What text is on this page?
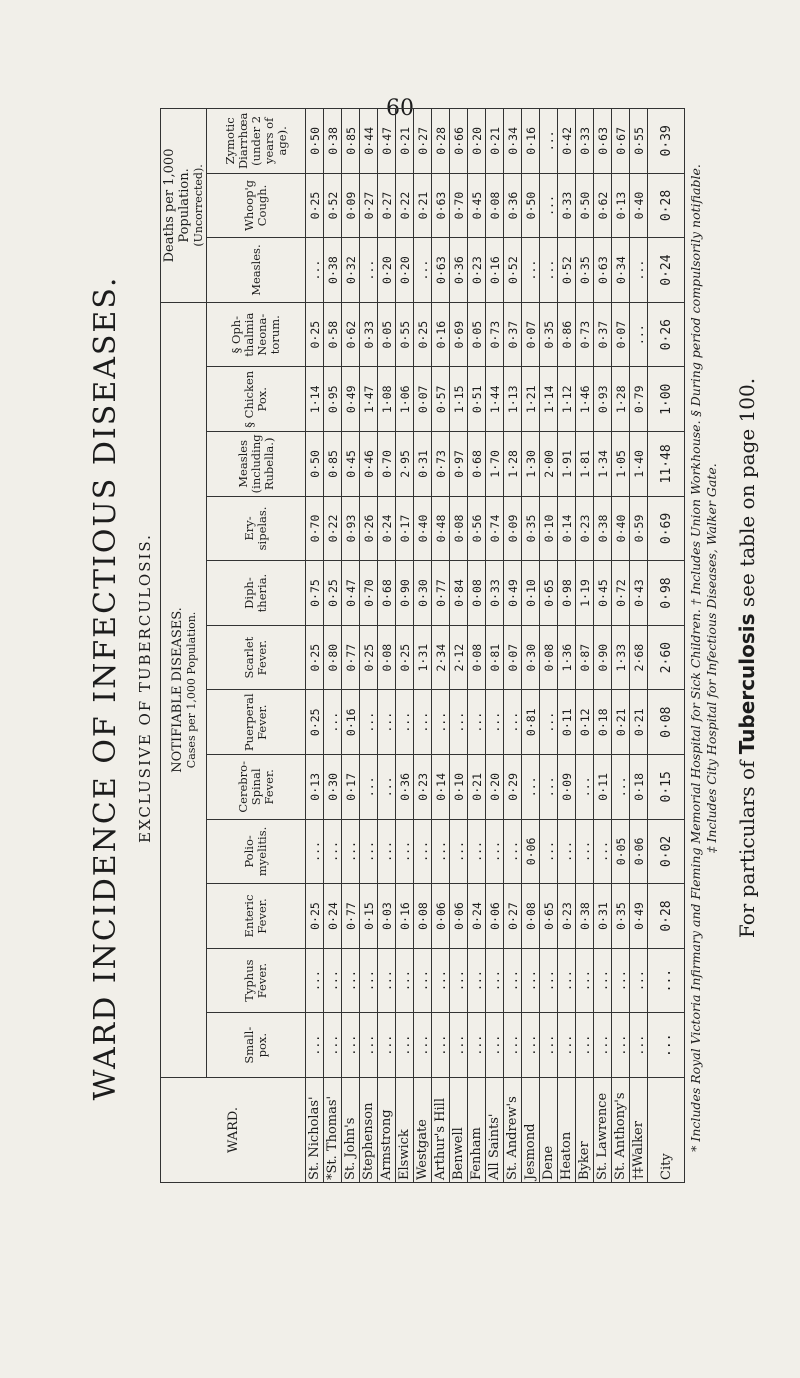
60
WARD INCIDENCE OF INFECTIOUS DISEASES. EXCLUSIVE OF TUBERCULOSIS.
WARD.	NOTIFIABLE DISEASES. Cases per 1,000 Population.												Deaths per 1,000 Population. (Uncorrected).		

	Small-pox.	Typhus Fever.	Enteric Fever.	Polio-myelitis.	Cerebro-Spinal Fever.	Puerperal Fever.	Scarlet Fever.	Diph-theria.	Ery-sipelas.	Measles (including Rubella.)	§ Chicken Pox.	§ Oph-thalmia Neona-torum.	Measles.	Whoop'g Cough.	Zymotic Diarrhœa (under 2 years of age).
St. Nicholas'	...	...	0·25	...	0·13	0·25	0·25	0·75	0·70	0·50	1·14	0·25	...	0·25	0·50
*St. Thomas'	...	...	0·24	...	0·30	...	0·80	0·25	0·22	0·85	0·95	0·58	0·38	0·52	0·38
St. John's	...	...	0·77	...	0·17	0·16	0·77	0·47	0·93	0·45	0·49	0·62	0·32	0·09	0·85
Stephenson	...	...	0·15	...	...	...	0·25	0·70	0·26	0·46	1·47	0·33	...	0·27	0·44
Armstrong	...	...	0·03	...	...	...	0·08	0·68	0·24	0·70	1·08	0·05	0·20	0·27	0·47
Elswick	...	...	0·16	...	0·36	...	0·25	0·90	0·17	2·95	1·06	0·55	0·20	0·22	0·21
Westgate	...	...	0·08	...	0·23	...	1·31	0·30	0·40	0·31	0·07	0·25	...	0·21	0·27
Arthur's Hill	...	...	0·06	...	0·14	...	2·34	0·77	0·48	0·73	0·57	0·16	0·63	0·63	0·28
Benwell	...	...	0·06	...	0·10	...	2·12	0·84	0·08	0·97	1·15	0·69	0·36	0·70	0·66
Fenham	...	...	0·24	...	0·21	...	0·08	0·08	0·56	0·68	0·51	0·05	0·23	0·45	0·20
All Saints'	...	...	0·06	...	0·20	...	0·81	0·33	0·74	1·70	1·44	0·73	0·16	0·08	0·21
St. Andrew's	...	...	0·27	...	0·29	...	0·07	0·49	0·09	1·28	1·13	0·37	0·52	0·36	0·34
Jesmond	...	...	0·08	0·06	...	0·81	0·30	0·10	0·35	1·30	1·21	0·07	...	0·50	0·16
Dene	...	...	0·65	...	...	...	0·08	0·65	0·10	2·00	1·14	0·35	...	...	...
Heaton	...	...	0·23	...	0·09	0·11	1·36	0·98	0·14	1·91	1·12	0·86	0·52	0·33	0·42
Byker	...	...	0·38	...	...	0·12	0·87	1·19	0·23	1·81	1·46	0·73	0·35	0·50	0·33
St. Lawrence	...	...	0·31	...	0·11	0·18	0·90	0·45	0·38	1·34	0·93	0·37	0·63	0·62	0·63
St. Anthony's	...	...	0·35	0·05	...	0·21	1·33	0·72	0·40	1·05	1·28	0·07	0·34	0·13	0·67
†‡Walker	...	...	0·49	0·06	0·18	0·21	2·68	0·43	0·59	1·40	0·79	...	...	0·40	0·55
City	...	...	0·28	0·02	0·15	0·08	2·60	0·98	0·69	11·48	1·00	0·26	0·24	0·28	0·39
* Includes Royal Victoria Infirmary and Fleming Memorial Hospital for Sick Children. † Includes Union Workhouse. § During period compulsorily notifiable. ‡ Includes City Hospital for Infectious Diseases, Walker Gate. For particulars of Tuberculosis see table on page 100.
